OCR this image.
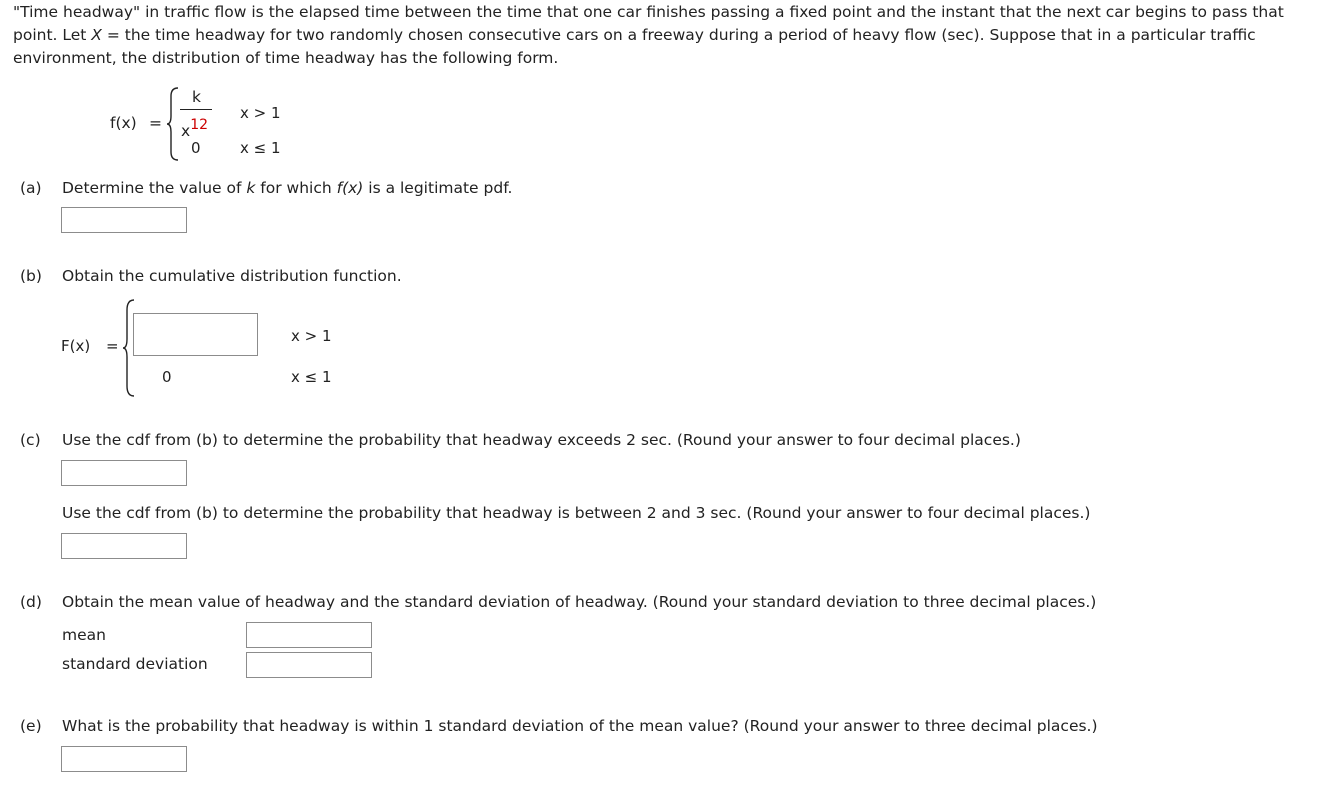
"Time headway" in traffic flow is the elapsed time between the time that one car finishes passing a fixed point and the instant that the next car begins to pass that point. Let X = the time headway for two randomly chosen consecutive cars on a freeway during a period of heavy flow (sec). Suppose that in a particular traffic environment, the distribution of time headway has the following form.
f(x) =
k
$x^{12}$
x > 1
0	x ≤ 1
(a) Determine the value of k for which f(x) is a legitimate pdf.
(b) Obtain the cumulative distribution function.
F(x) =
x > 1
0	x ≤ 1
(c) Use the cdf from (b) to determine the probability that headway exceeds 2 sec. (Round your answer to four decimal places.)
Use the cdf from (b) to determine the probability that headway is between 2 and 3 sec. (Round your answer to four decimal places.)
(d) Obtain the mean value of headway and the standard deviation of headway. (Round your standard deviation to three decimal places.)
mean
standard deviation
(e) What is the probability that headway is within 1 standard deviation of the mean value? (Round your answer to three decimal places.)
